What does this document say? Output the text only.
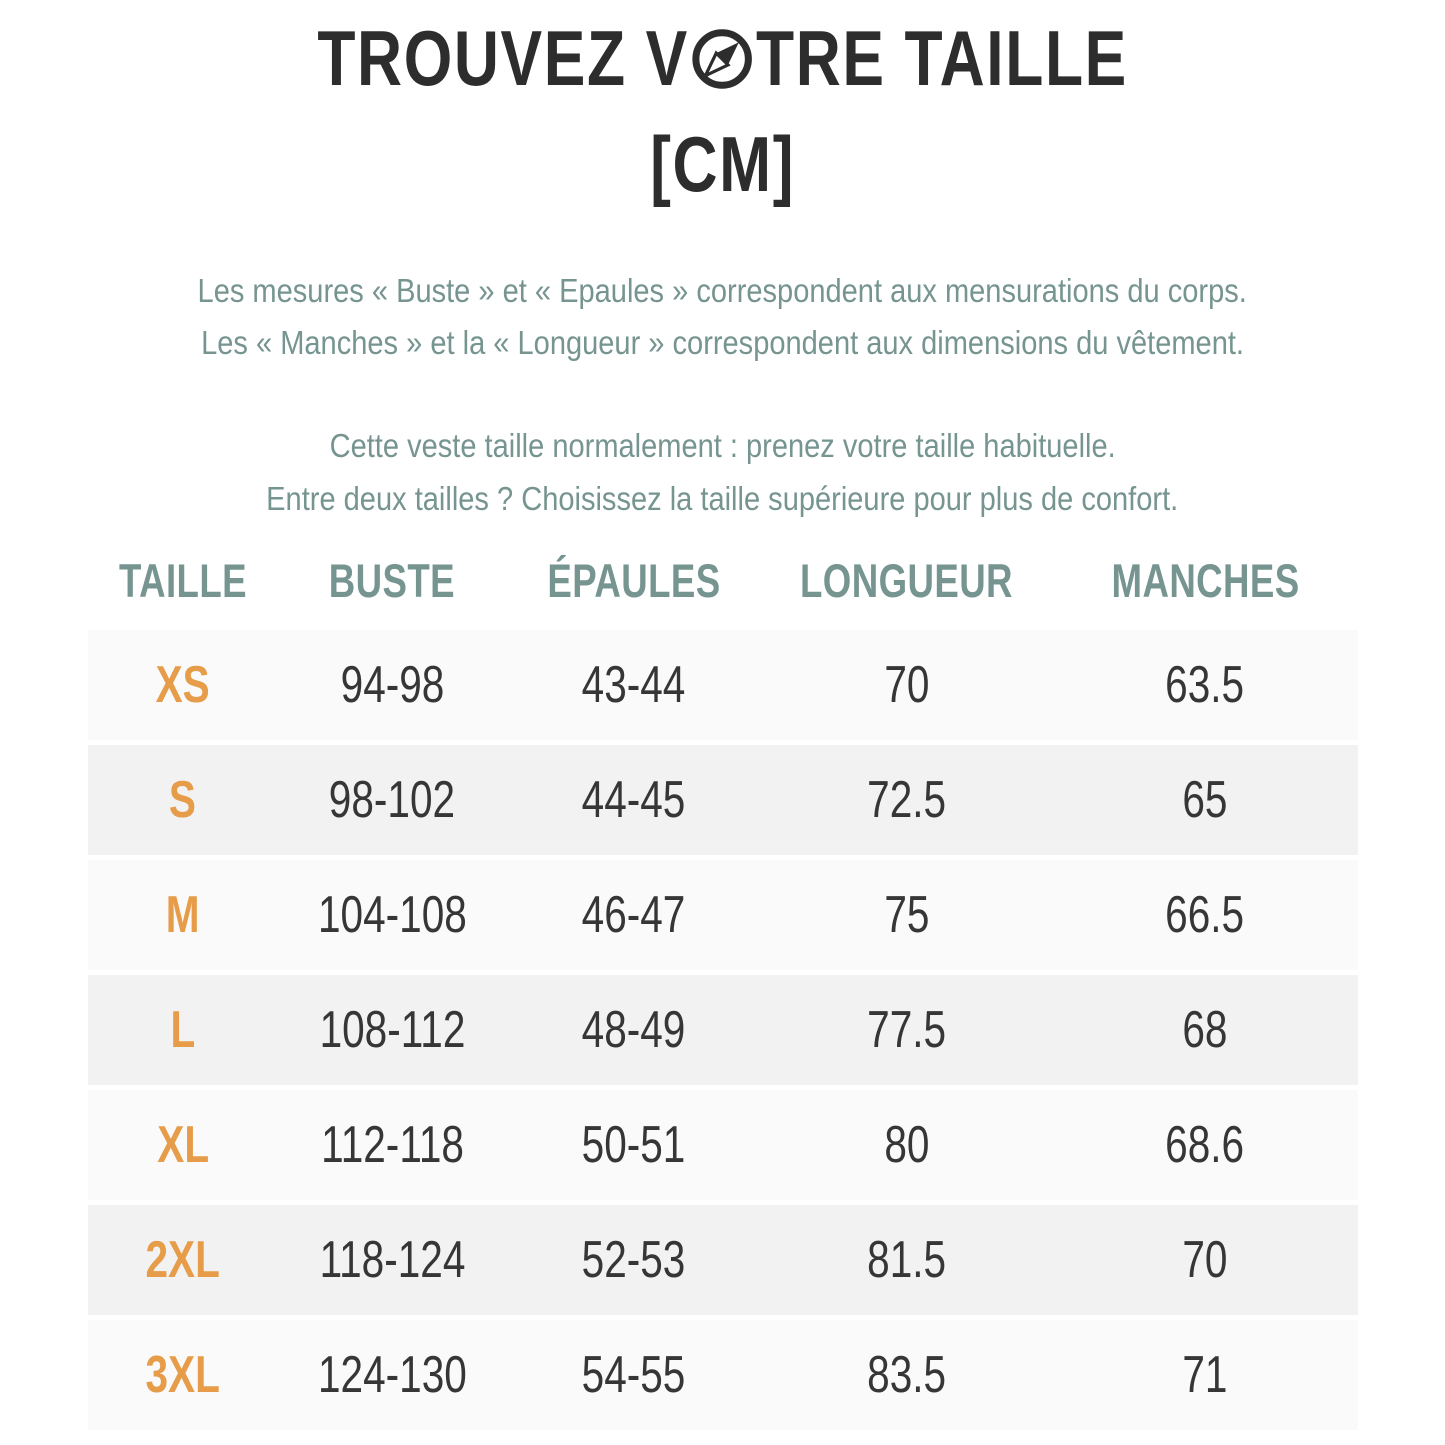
TROUVEZ V TRE TAILLE
[CM]
Les mesures « Buste » et « Epaules » correspondent aux mensurations du corps.
Les « Manches » et la « Longueur » correspondent aux dimensions du vêtement.
Cette veste taille normalement : prenez votre taille habituelle.
Entre deux tailles ? Choisissez la taille supérieure pour plus de confort.
TAILLE	BUSTE	ÉPAULES	LONGUEUR	MANCHES
XS	94-98	43-44	70	63.5
S	98-102	44-45	72.5	65
M	104-108	46-47	75	66.5
L	108-112	48-49	77.5	68
XL	112-118	50-51	80	68.6
2XL	118-124	52-53	81.5	70
3XL	124-130	54-55	83.5	71
